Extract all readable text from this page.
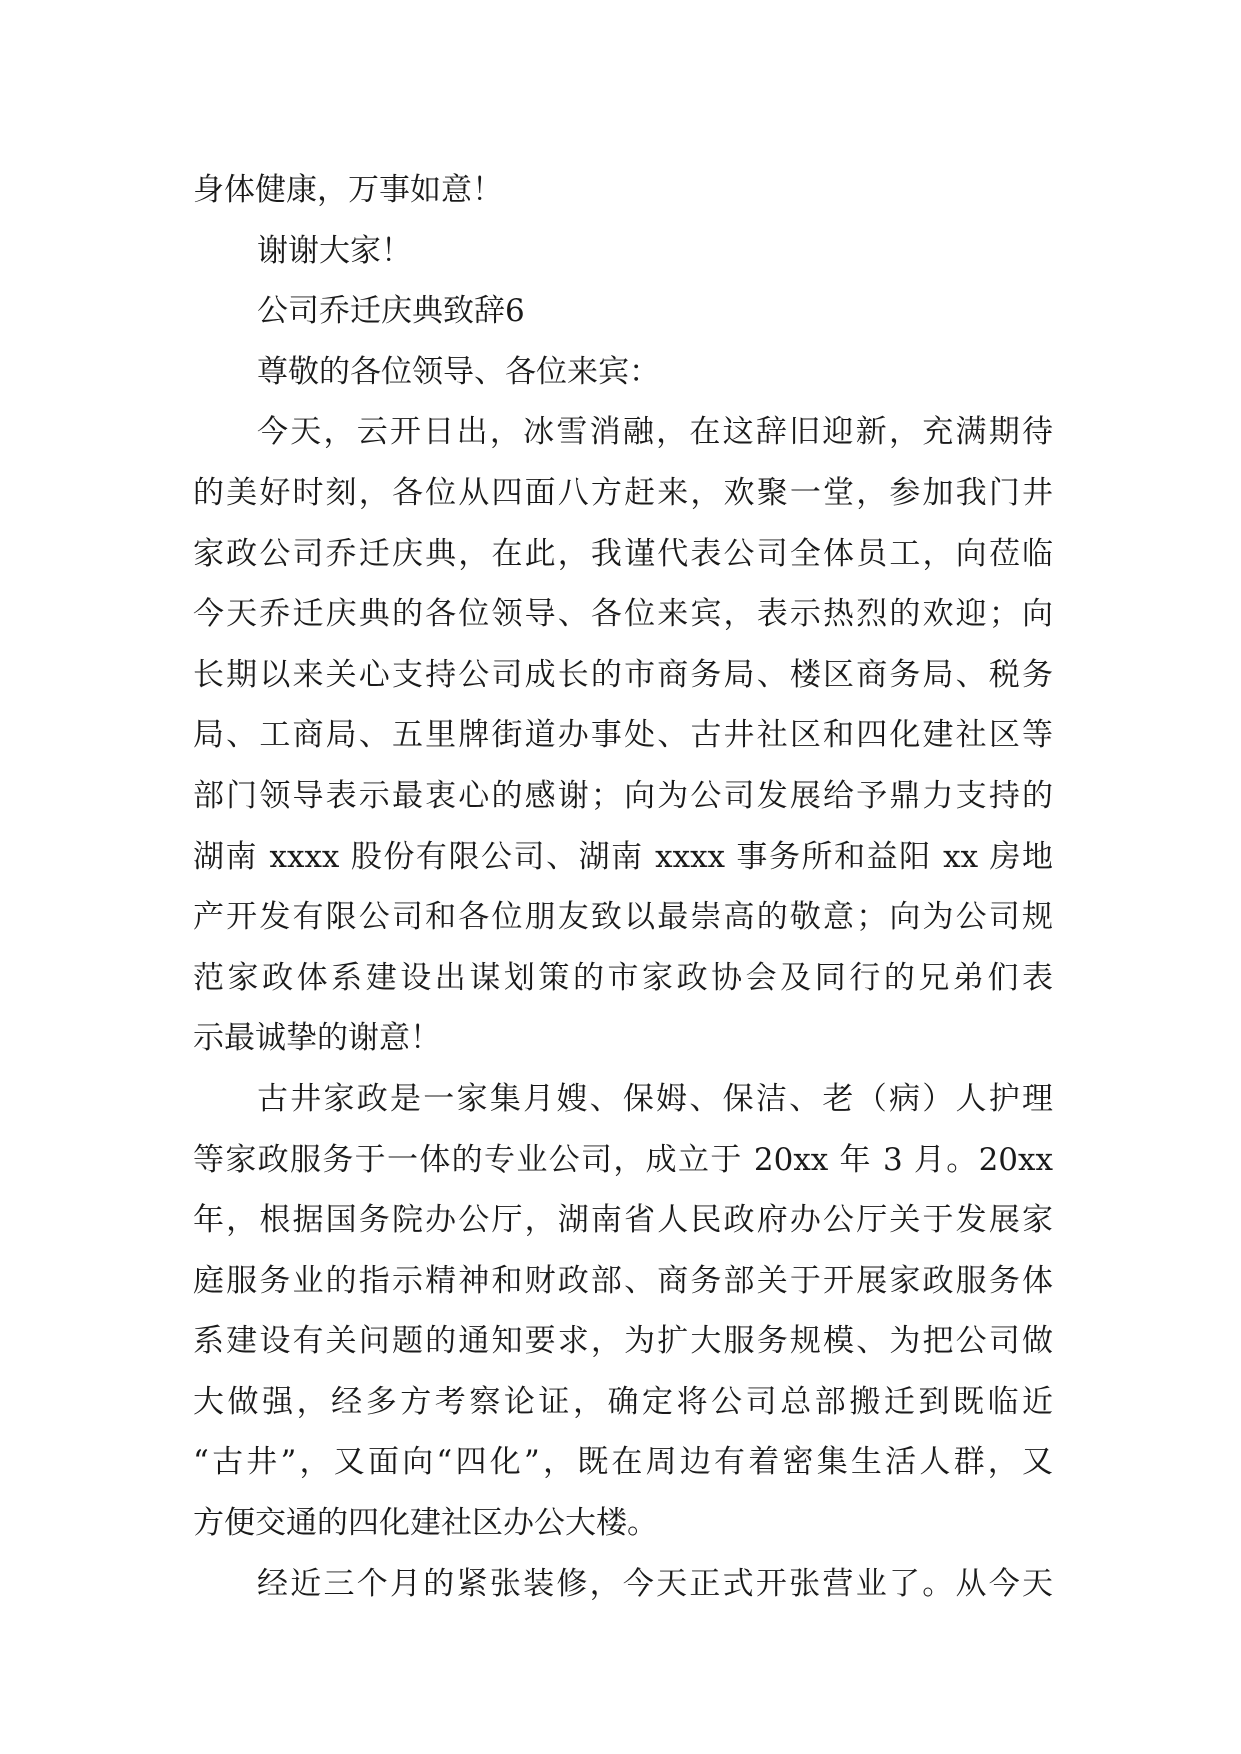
身体健康，万事如意！
谢谢大家！
公司乔迁庆典致辞6
尊敬的各位领导、各位来宾：
今天，云开日出，冰雪消融，在这辞旧迎新，充满期待
的美好时刻，各位从四面八方赶来，欢聚一堂，参加我门井
家政公司乔迁庆典，在此，我谨代表公司全体员工，向莅临
今天乔迁庆典的各位领导、各位来宾，表示热烈的欢迎；向
长期以来关心支持公司成长的市商务局、楼区商务局、税务
局、工商局、五里牌街道办事处、古井社区和四化建社区等
部门领导表示最衷心的感谢；向为公司发展给予鼎力支持的
湖南 xxxx 股份有限公司、湖南 xxxx 事务所和益阳 xx 房地
产开发有限公司和各位朋友致以最崇高的敬意；向为公司规
范家政体系建设出谋划策的市家政协会及同行的兄弟们表
示最诚挚的谢意！
古井家政是一家集月嫂、保姆、保洁、老（病）人护理
等家政服务于一体的专业公司，成立于 20xx 年 3 月。20xx
年，根据国务院办公厅，湖南省人民政府办公厅关于发展家
庭服务业的指示精神和财政部、商务部关于开展家政服务体
系建设有关问题的通知要求，为扩大服务规模、为把公司做
大做强，经多方考察论证，确定将公司总部搬迁到既临近
“古井”，又面向“四化”，既在周边有着密集生活人群，又
方便交通的四化建社区办公大楼。
经近三个月的紧张装修，今天正式开张营业了。从今天
